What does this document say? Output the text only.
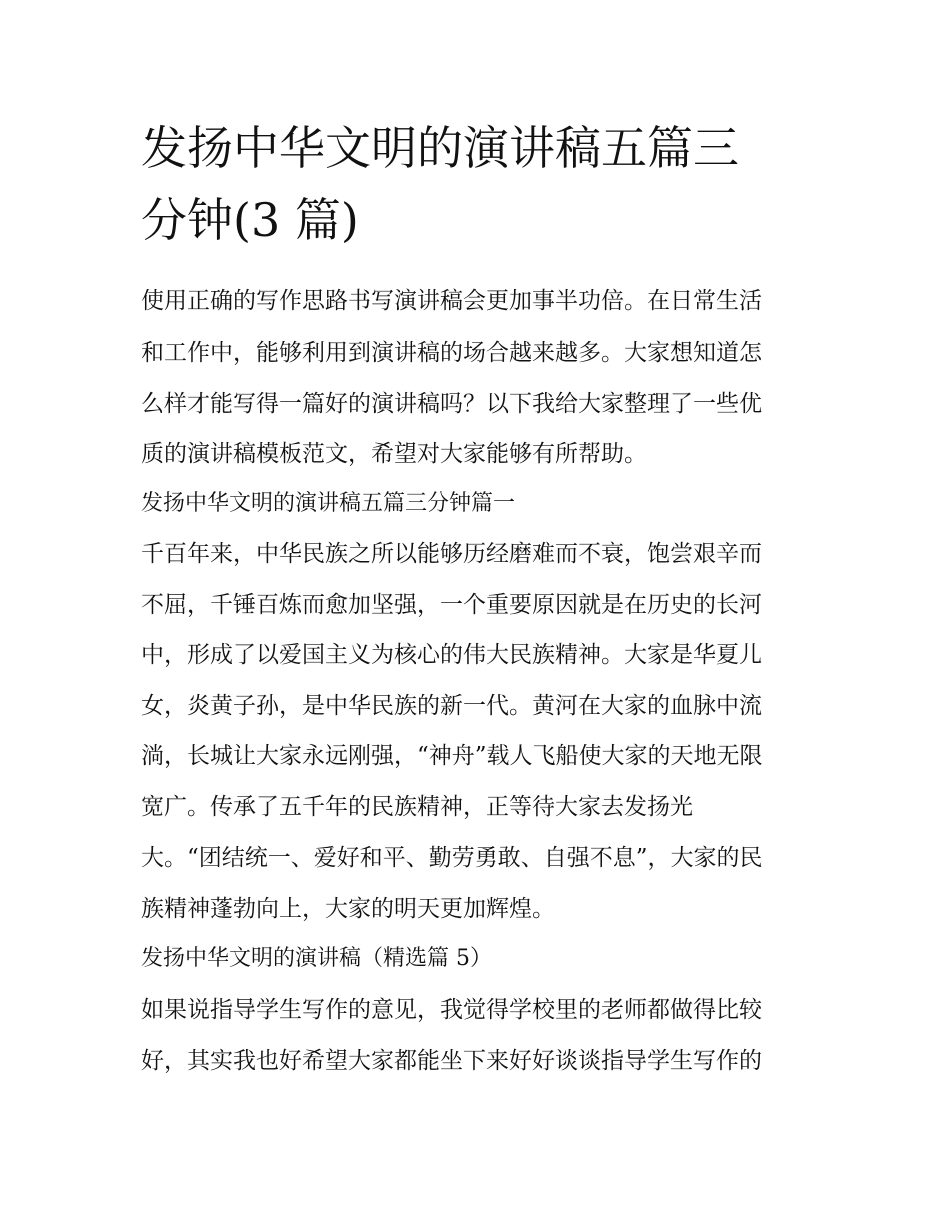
发扬中华文明的演讲稿五篇三
分钟(3 篇)

使用正确的写作思路书写演讲稿会更加事半功倍。在日常生活

和工作中，能够利用到演讲稿的场合越来越多。大家想知道怎

么样才能写得一篇好的演讲稿吗？以下我给大家整理了一些优

质的演讲稿模板范文，希望对大家能够有所帮助。

发扬中华文明的演讲稿五篇三分钟篇一

千百年来，中华民族之所以能够历经磨难而不衰，饱尝艰辛而

不屈，千锤百炼而愈加坚强，一个重要原因就是在历史的长河

中，形成了以爱国主义为核心的伟大民族精神。大家是华夏儿

女，炎黄子孙，是中华民族的新一代。黄河在大家的血脉中流

淌，长城让大家永远刚强，“神舟”载人飞船使大家的天地无限

宽广。传承了五千年的民族精神，正等待大家去发扬光

大。“团结统一、爱好和平、勤劳勇敢、自强不息”，大家的民

族精神蓬勃向上，大家的明天更加辉煌。

发扬中华文明的演讲稿（精选篇 5）

如果说指导学生写作的意见，我觉得学校里的老师都做得比较

好，其实我也好希望大家都能坐下来好好谈谈指导学生写作的
